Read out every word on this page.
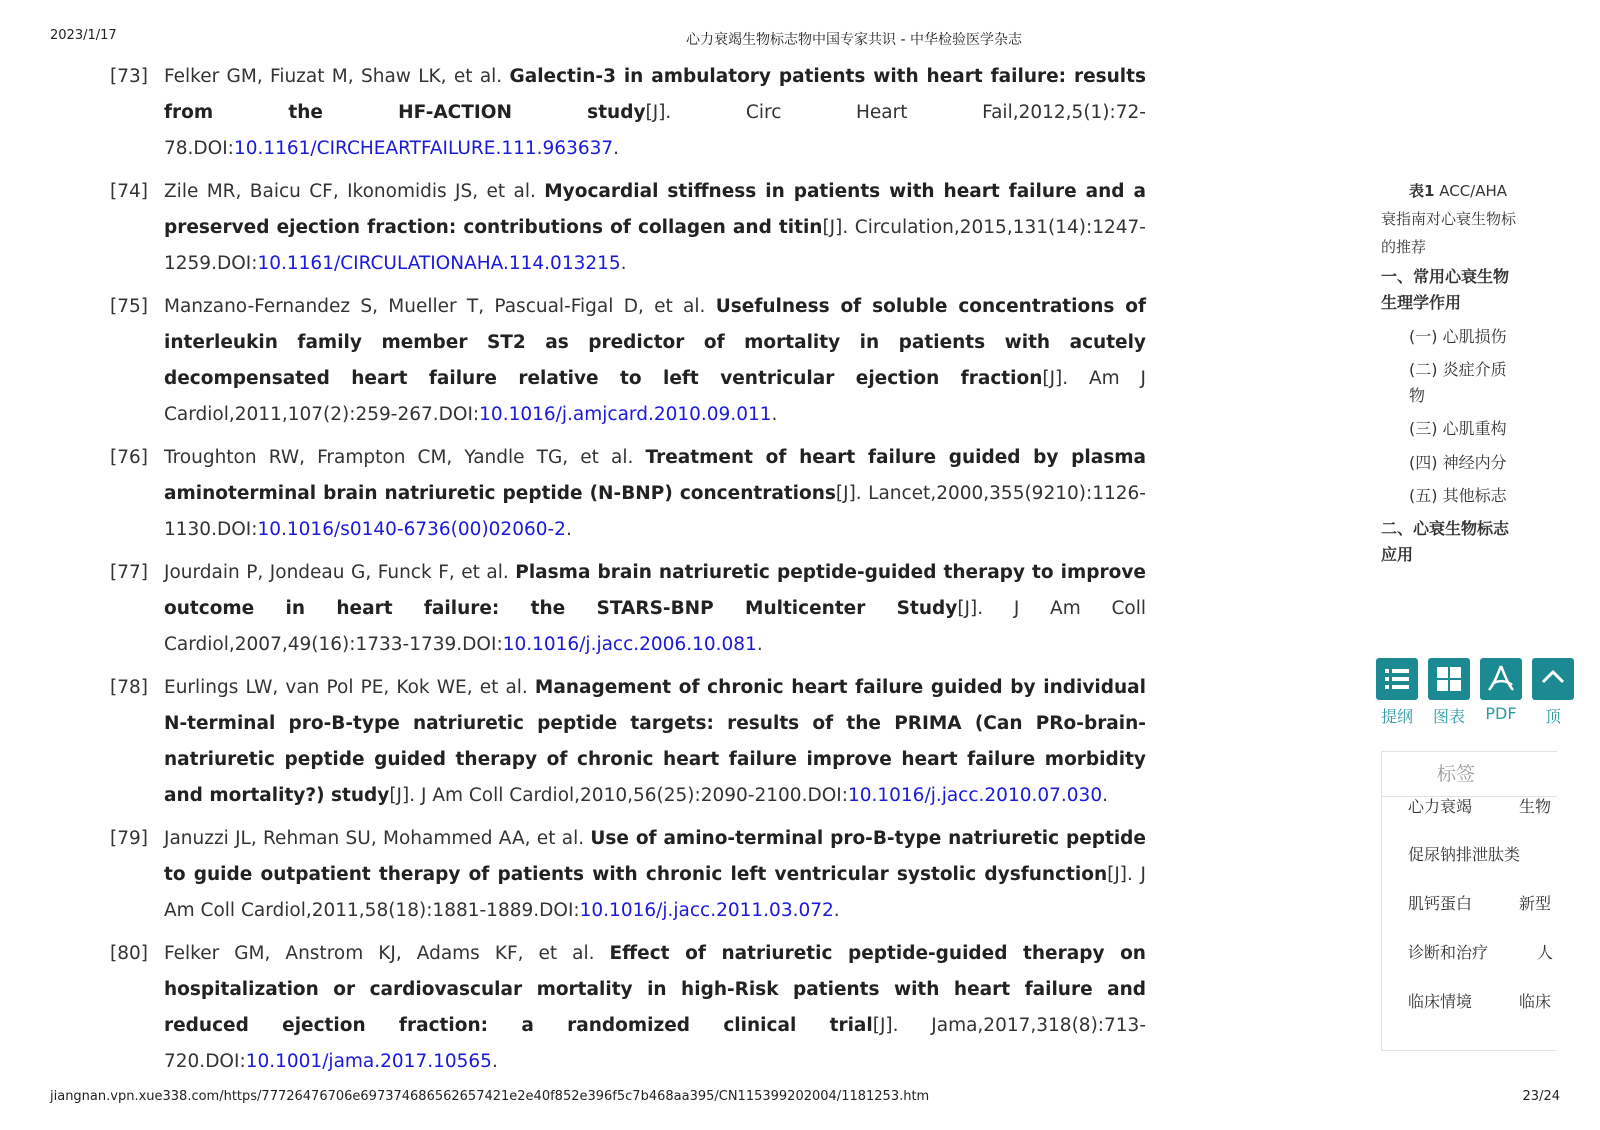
2023/1/17	心力衰竭生物标志物中国专家共识 - 中华检验医学杂志
[73] Felker GM, Fiuzat M, Shaw LK, et al. Galectin-3 in ambulatory patients with heart failure: results from the HF-ACTION study[J]. Circ Heart Fail,2012,5(1):72-78.DOI:10.1161/CIRCHEARTFAILURE.111.963637.
[74] Zile MR, Baicu CF, Ikonomidis JS, et al. Myocardial stiffness in patients with heart failure and a preserved ejection fraction: contributions of collagen and titin[J]. Circulation,2015,131(14):1247-1259.DOI:10.1161/CIRCULATIONAHA.114.013215.
[75] Manzano-Fernandez S, Mueller T, Pascual-Figal D, et al. Usefulness of soluble concentrations of interleukin family member ST2 as predictor of mortality in patients with acutely decompensated heart failure relative to left ventricular ejection fraction[J]. Am J Cardiol,2011,107(2):259-267.DOI:10.1016/j.amjcard.2010.09.011.
[76] Troughton RW, Frampton CM, Yandle TG, et al. Treatment of heart failure guided by plasma aminoterminal brain natriuretic peptide (N-BNP) concentrations[J]. Lancet,2000,355(9210):1126-1130.DOI:10.1016/s0140-6736(00)02060-2.
[77] Jourdain P, Jondeau G, Funck F, et al. Plasma brain natriuretic peptide-guided therapy to improve outcome in heart failure: the STARS-BNP Multicenter Study[J]. J Am Coll Cardiol,2007,49(16):1733-1739.DOI:10.1016/j.jacc.2006.10.081.
[78] Eurlings LW, van Pol PE, Kok WE, et al. Management of chronic heart failure guided by individual N-terminal pro-B-type natriuretic peptide targets: results of the PRIMA (Can PRo-brain-natriuretic peptide guided therapy of chronic heart failure improve heart failure morbidity and mortality?) study[J]. J Am Coll Cardiol,2010,56(25):2090-2100.DOI:10.1016/j.jacc.2010.07.030.
[79] Januzzi JL, Rehman SU, Mohammed AA, et al. Use of amino-terminal pro-B-type natriuretic peptide to guide outpatient therapy of patients with chronic left ventricular systolic dysfunction[J]. J Am Coll Cardiol,2011,58(18):1881-1889.DOI:10.1016/j.jacc.2011.03.072.
[80] Felker GM, Anstrom KJ, Adams KF, et al. Effect of natriuretic peptide-guided therapy on hospitalization or cardiovascular mortality in high-Risk patients with heart failure and reduced ejection fraction: a randomized clinical trial[J]. Jama,2017,318(8):713-720.DOI:10.1001/jama.2017.10565.
表1 ACC/AHA
衰指南对心衰生物标
的推荐
一、常用心衰生物
生理学作用
(一) 心肌损伤
(二) 炎症介质
物
(三) 心肌重构
(四) 神经内分
(五) 其他标志
二、心衰生物标志
应用
提纲	图表	PDF	顶
标签
心力衰竭	生物
促尿钠排泄肽类
肌钙蛋白	新型
诊断和治疗	人
临床情境	临床
jiangnan.vpn.xue338.com/https/77726476706e697374686562657421e2e40f852e396f5c7b468aa395/CN115399202004/1181253.htm	23/24
